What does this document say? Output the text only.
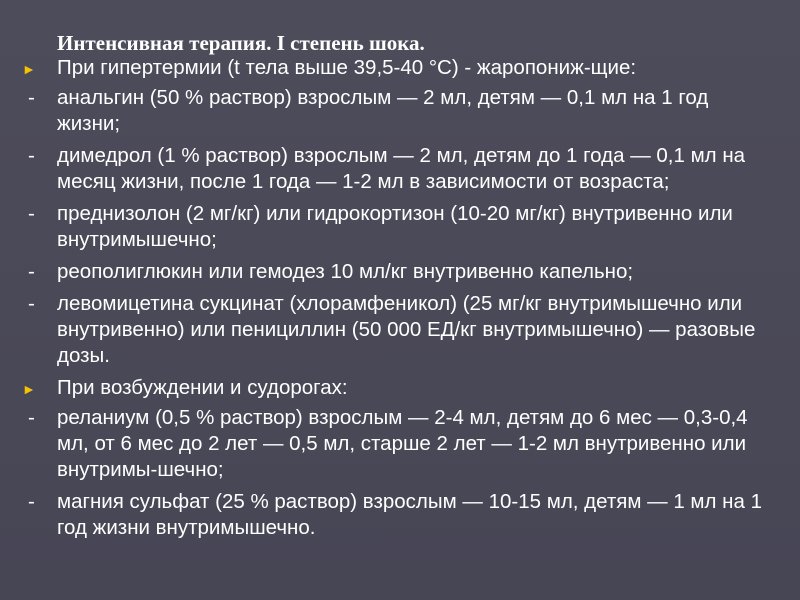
Интенсивная терапия. I степень шока.
► При гипертермии (t тела выше 39,5-40 °С) - жаропониж-щие:
-	анальгин (50 % раствор) взрослым — 2 мл, детям — 0,1 мл на 1 год жизни;
-	димедрол (1 % раствор) взрослым — 2 мл, детям до 1 года — 0,1 мл на месяц жизни, после 1 года — 1-2 мл в зависимости от возраста;
-	преднизолон (2 мг/кг) или гидрокортизон (10-20 мг/кг) внутривенно или внутримышечно;
-	реополиглюкин или гемодез 10 мл/кг внутривенно капельно;
-	левомицетина сукцинат (хлорамфеникол) (25 мг/кг внутримышечно или внутривенно) или пенициллин (50 000 ЕД/кг внутримышечно) — разовые дозы.
► При возбуждении и судорогах:
-	реланиум (0,5 % раствор) взрослым — 2-4 мл, детям до 6 мес — 0,3-0,4 мл, от 6 мес до 2 лет — 0,5 мл, старше 2 лет — 1-2 мл внутривенно или внутримы-шечно;
-	магния сульфат (25 % раствор) взрослым — 10-15 мл, детям — 1 мл на 1 год жизни внутримышечно.
